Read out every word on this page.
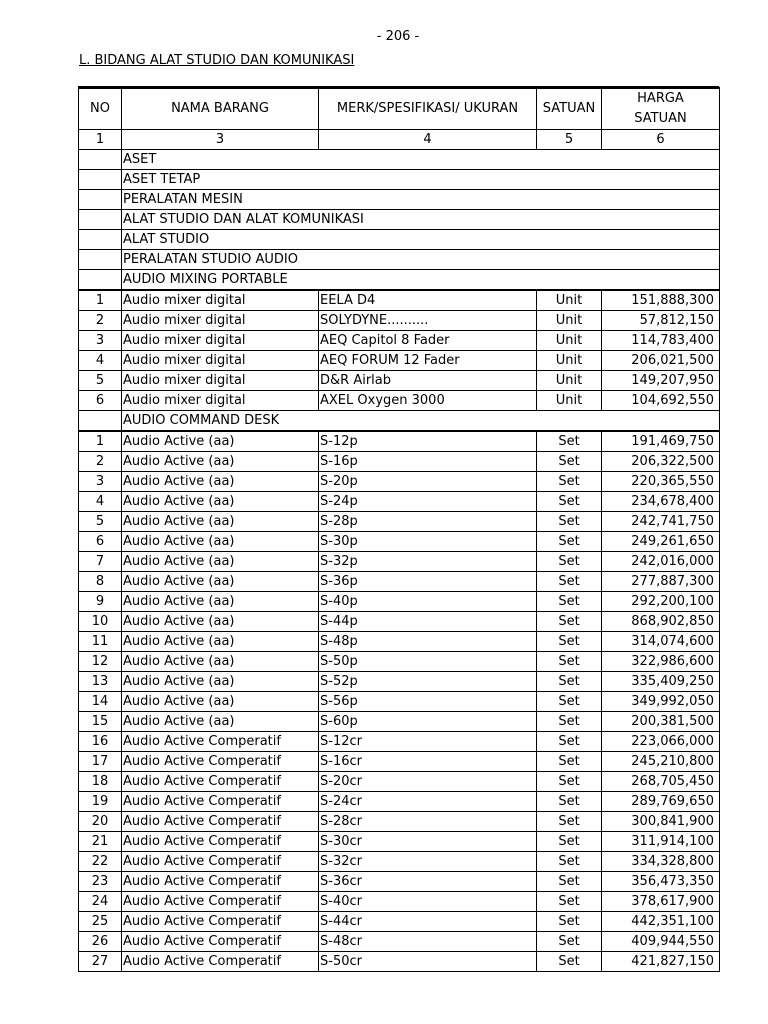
- 206 -
L. BIDANG ALAT STUDIO DAN KOMUNIKASI
NO	NAMA BARANG	MERK/SPESIFIKASI/ UKURAN	SATUAN	HARGA SATUAN
1	3	4	5	6
	ASET			
	ASET TETAP			
	PERALATAN MESIN			
	ALAT STUDIO DAN ALAT KOMUNIKASI			
	ALAT STUDIO			
	PERALATAN STUDIO AUDIO			
	AUDIO MIXING PORTABLE			
1	Audio mixer digital	EELA D4	Unit	151,888,300
2	Audio mixer digital	SOLYDYNE..........	Unit	57,812,150
3	Audio mixer digital	AEQ Capitol 8 Fader	Unit	114,783,400
4	Audio mixer digital	AEQ FORUM 12 Fader	Unit	206,021,500
5	Audio mixer digital	D&R Airlab	Unit	149,207,950
6	Audio mixer digital	AXEL Oxygen 3000	Unit	104,692,550
	AUDIO COMMAND DESK			
1	Audio Active (aa)	S-12p	Set	191,469,750
2	Audio Active (aa)	S-16p	Set	206,322,500
3	Audio Active (aa)	S-20p	Set	220,365,550
4	Audio Active (aa)	S-24p	Set	234,678,400
5	Audio Active (aa)	S-28p	Set	242,741,750
6	Audio Active (aa)	S-30p	Set	249,261,650
7	Audio Active (aa)	S-32p	Set	242,016,000
8	Audio Active (aa)	S-36p	Set	277,887,300
9	Audio Active (aa)	S-40p	Set	292,200,100
10	Audio Active (aa)	S-44p	Set	868,902,850
11	Audio Active (aa)	S-48p	Set	314,074,600
12	Audio Active (aa)	S-50p	Set	322,986,600
13	Audio Active (aa)	S-52p	Set	335,409,250
14	Audio Active (aa)	S-56p	Set	349,992,050
15	Audio Active (aa)	S-60p	Set	200,381,500
16	Audio Active Comperatif	S-12cr	Set	223,066,000
17	Audio Active Comperatif	S-16cr	Set	245,210,800
18	Audio Active Comperatif	S-20cr	Set	268,705,450
19	Audio Active Comperatif	S-24cr	Set	289,769,650
20	Audio Active Comperatif	S-28cr	Set	300,841,900
21	Audio Active Comperatif	S-30cr	Set	311,914,100
22	Audio Active Comperatif	S-32cr	Set	334,328,800
23	Audio Active Comperatif	S-36cr	Set	356,473,350
24	Audio Active Comperatif	S-40cr	Set	378,617,900
25	Audio Active Comperatif	S-44cr	Set	442,351,100
26	Audio Active Comperatif	S-48cr	Set	409,944,550
27	Audio Active Comperatif	S-50cr	Set	421,827,150
